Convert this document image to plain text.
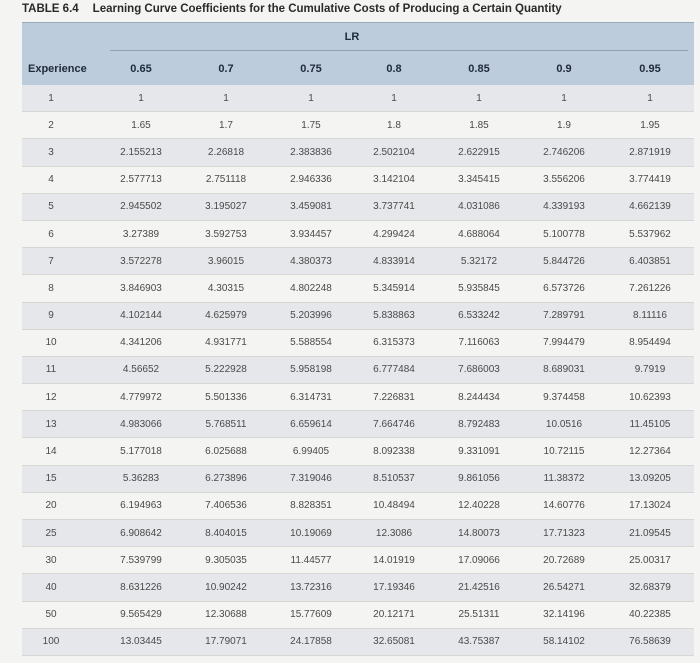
TABLE 6.4 Learning Curve Coefficients for the Cumulative Costs of Producing a Certain Quantity
LR
Experience	0.65	0.7	0.75	0.8	0.85	0.9	0.95
1	1	1	1	1	1	1	1
2	1.65	1.7	1.75	1.8	1.85	1.9	1.95
3	2.155213	2.26818	2.383836	2.502104	2.622915	2.746206	2.871919
4	2.577713	2.751118	2.946336	3.142104	3.345415	3.556206	3.774419
5	2.945502	3.195027	3.459081	3.737741	4.031086	4.339193	4.662139
6	3.27389	3.592753	3.934457	4.299424	4.688064	5.100778	5.537962
7	3.572278	3.96015	4.380373	4.833914	5.32172	5.844726	6.403851
8	3.846903	4.30315	4.802248	5.345914	5.935845	6.573726	7.261226
9	4.102144	4.625979	5.203996	5.838863	6.533242	7.289791	8.11116
10	4.341206	4.931771	5.588554	6.315373	7.116063	7.994479	8.954494
11	4.56652	5.222928	5.958198	6.777484	7.686003	8.689031	9.7919
12	4.779972	5.501336	6.314731	7.226831	8.244434	9.374458	10.62393
13	4.983066	5.768511	6.659614	7.664746	8.792483	10.0516	11.45105
14	5.177018	6.025688	6.99405	8.092338	9.331091	10.72115	12.27364
15	5.36283	6.273896	7.319046	8.510537	9.861056	11.38372	13.09205
20	6.194963	7.406536	8.828351	10.48494	12.40228	14.60776	17.13024
25	6.908642	8.404015	10.19069	12.3086	14.80073	17.71323	21.09545
30	7.539799	9.305035	11.44577	14.01919	17.09066	20.72689	25.00317
40	8.631226	10.90242	13.72316	17.19346	21.42516	26.54271	32.68379
50	9.565429	12.30688	15.77609	20.12171	25.51311	32.14196	40.22385
100	13.03445	17.79071	24.17858	32.65081	43.75387	58.14102	76.58639
